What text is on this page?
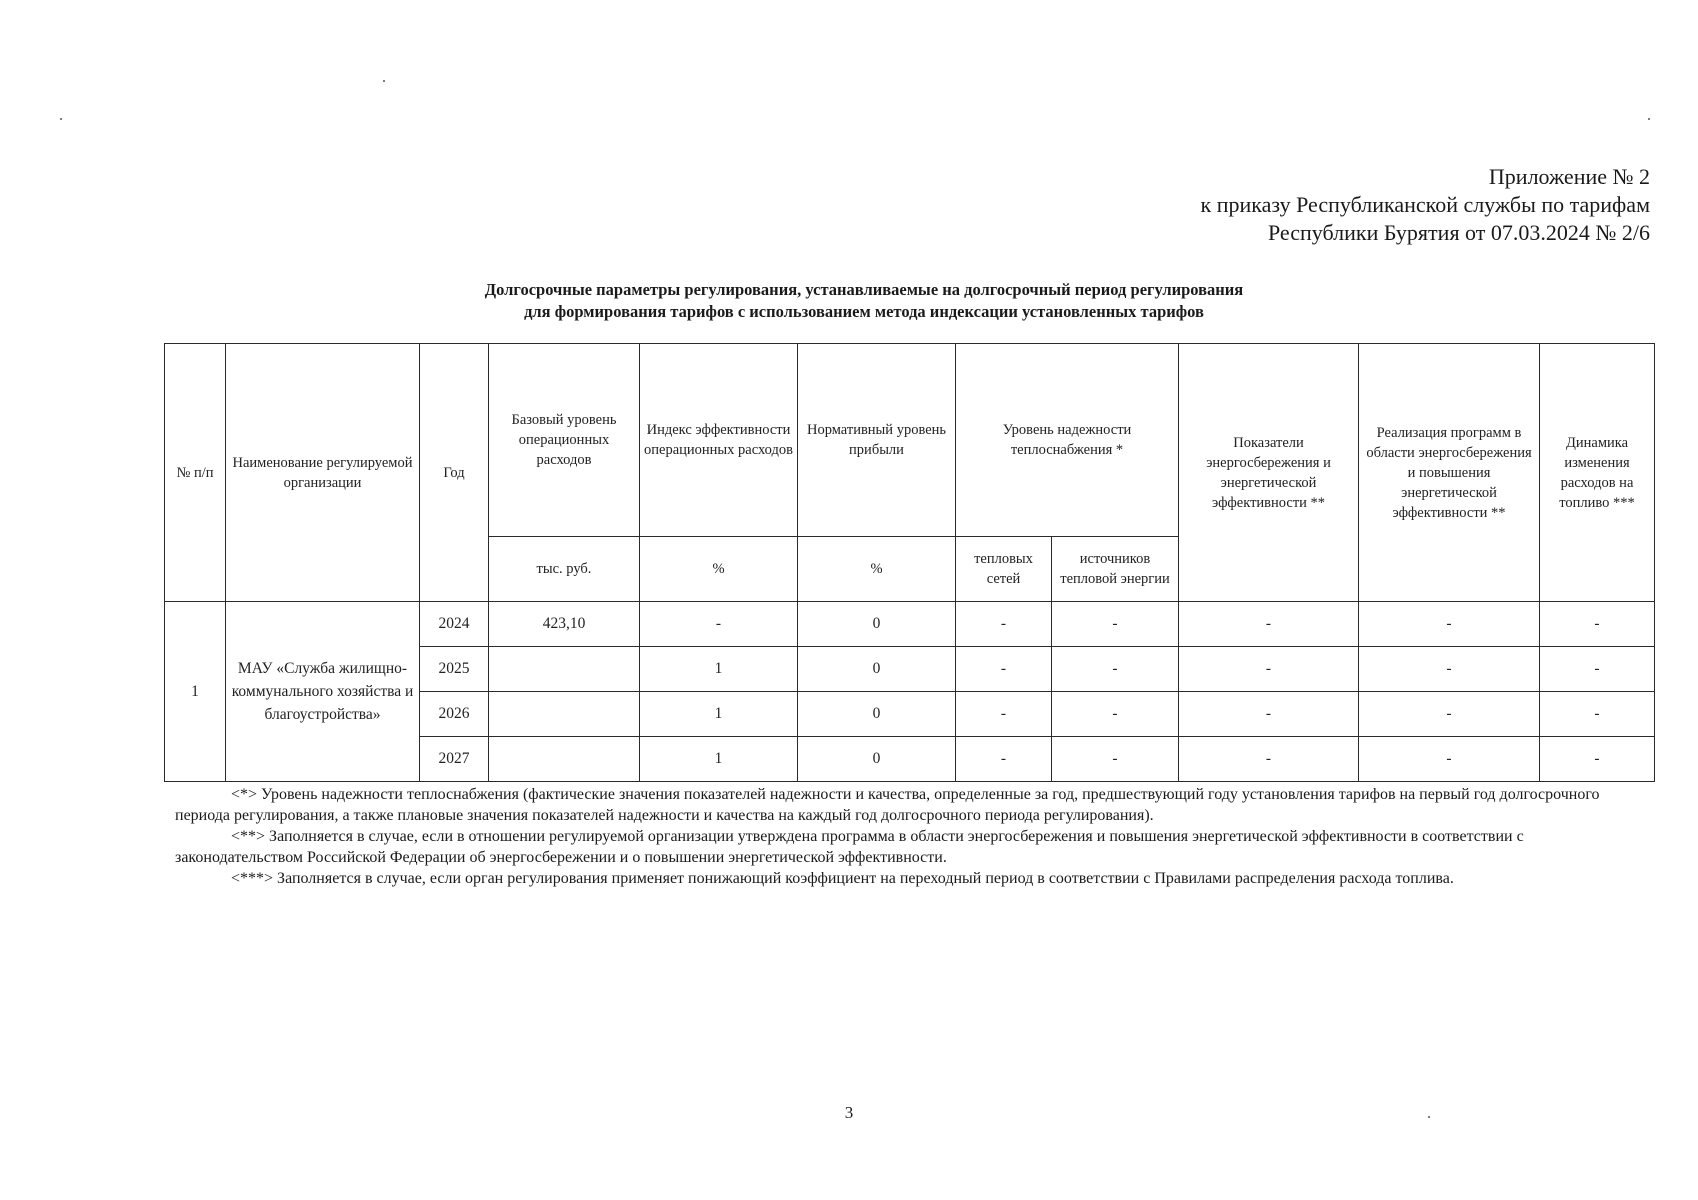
Приложение № 2
к приказу Республиканской службы по тарифам
Республики Бурятия от 07.03.2024 № 2/6
Долгосрочные параметры регулирования, устанавливаемые на долгосрочный период регулирования
для формирования тарифов с использованием метода индексации установленных тарифов
№ п/п	Наименование регулируемой организации	Год	Базовый уровень операционных расходов	Индекс эффективности операционных расходов	Нормативный уровень прибыли	Уровень надежности теплоснабжения *		Показатели энергосбережения и энергетической эффективности **	Реализация программ в области энергосбережения и повышения энергетической эффективности **	Динамика изменения расходов на топливо ***
			тыс. руб.	%	%	тепловых сетей	источников тепловой энергии			
1	МАУ «Служба жилищно-коммунального хозяйства и благоустройства»	2024	423,10	-	0	-	-	-	-	-
		2025		1	0	-	-	-	-	-
		2026		1	0	-	-	-	-	-
		2027		1	0	-	-	-	-	-

<*> Уровень надежности теплоснабжения (фактические значения показателей надежности и качества, определенные за год, предшествующий году установления тарифов на первый год долгосрочного периода регулирования, а также плановые значения показателей надежности и качества на каждый год долгосрочного периода регулирования).

<**> Заполняется в случае, если в отношении регулируемой организации утверждена программа в области энергосбережения и повышения энергетической эффективности в соответствии с законодательством Российской Федерации об энергосбережении и о повышении энергетической эффективности.

<***> Заполняется в случае, если орган регулирования применяет понижающий коэффициент на переходный период в соответствии с Правилами распределения расхода топлива.

3
